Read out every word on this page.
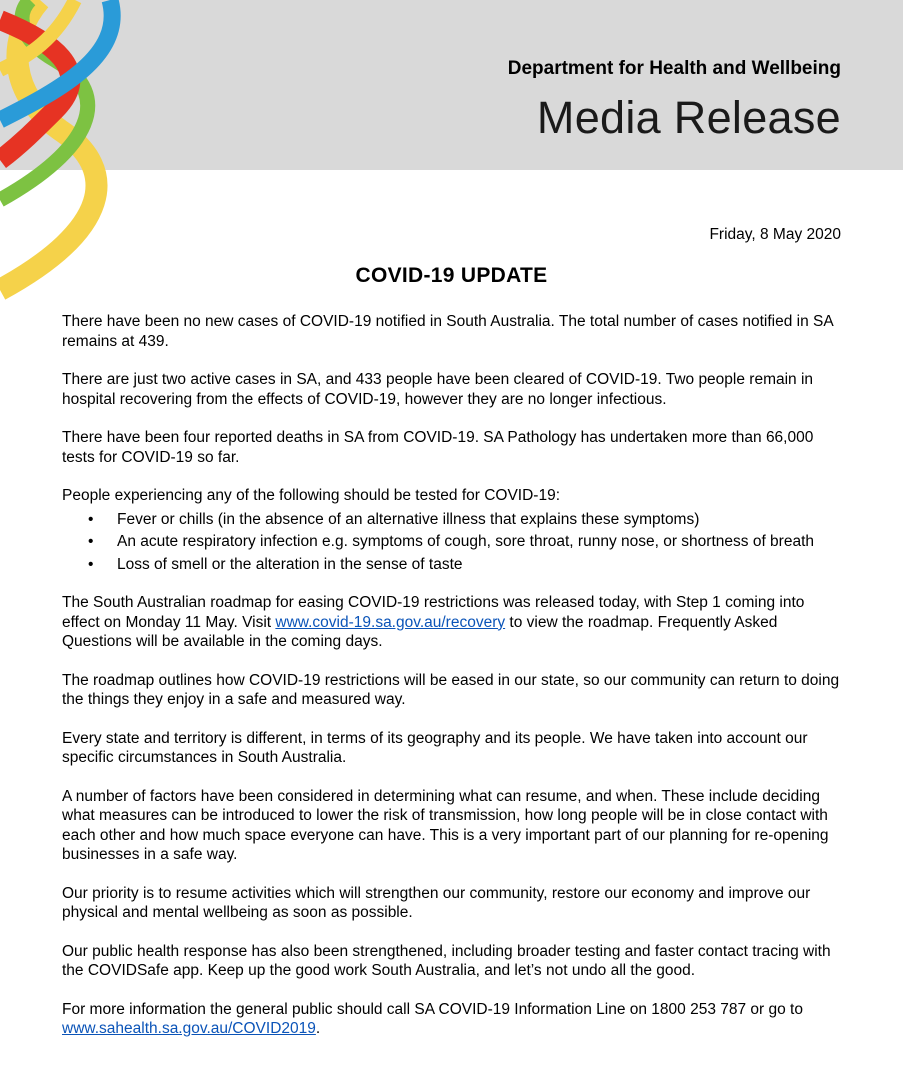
Department for Health and Wellbeing
Media Release
Friday, 8 May 2020
COVID-19 UPDATE

There have been no new cases of COVID-19 notified in South Australia. The total number of cases notified in SA remains at 439.

There are just two active cases in SA, and 433 people have been cleared of COVID-19. Two people remain in hospital recovering from the effects of COVID-19, however they are no longer infectious.

There have been four reported deaths in SA from COVID-19. SA Pathology has undertaken more than 66,000 tests for COVID-19 so far.

People experiencing any of the following should be tested for COVID-19:

• Fever or chills (in the absence of an alternative illness that explains these symptoms)
• An acute respiratory infection e.g. symptoms of cough, sore throat, runny nose, or shortness of breath
• Loss of smell or the alteration in the sense of taste

The South Australian roadmap for easing COVID-19 restrictions was released today, with Step 1 coming into effect on Monday 11 May. Visit www.covid-19.sa.gov.au/recovery to view the roadmap. Frequently Asked Questions will be available in the coming days.

The roadmap outlines how COVID-19 restrictions will be eased in our state, so our community can return to doing the things they enjoy in a safe and measured way.

Every state and territory is different, in terms of its geography and its people. We have taken into account our specific circumstances in South Australia.

A number of factors have been considered in determining what can resume, and when. These include deciding what measures can be introduced to lower the risk of transmission, how long people will be in close contact with each other and how much space everyone can have. This is a very important part of our planning for re-opening businesses in a safe way.

Our priority is to resume activities which will strengthen our community, restore our economy and improve our physical and mental wellbeing as soon as possible.

Our public health response has also been strengthened, including broader testing and faster contact tracing with the COVIDSafe app. Keep up the good work South Australia, and let’s not undo all the good.

For more information the general public should call SA COVID-19 Information Line on 1800 253 787 or go to www.sahealth.sa.gov.au/COVID2019.
